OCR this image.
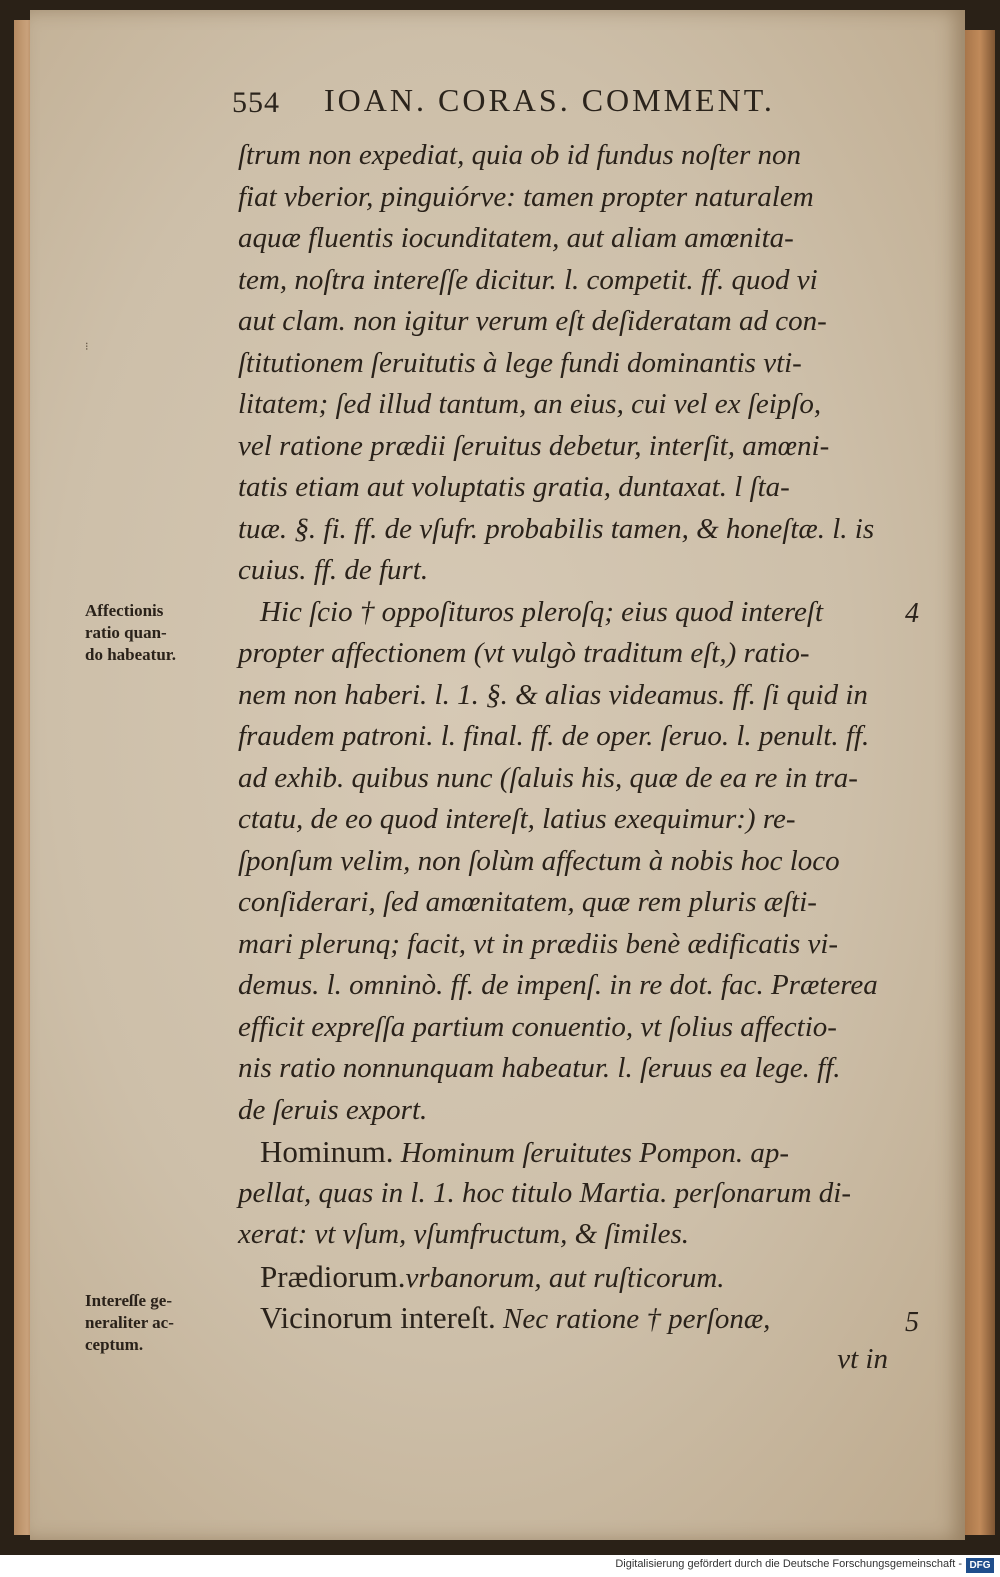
554 IOAN. CORAS. COMMENT.
⁝
ſtrum non expediat, quia ob id fundus noſter non
fiat vberior, pinguiórve: tamen propter naturalem
aquæ fluentis iocunditatem, aut aliam amœnita-
tem, noſtra intereſſe dicitur. l. competit. ff. quod vi
aut clam. non igitur verum eſt deſideratam ad con-
ſtitutionem ſeruitutis à lege fundi dominantis vti-
litatem; ſed illud tantum, an eius, cui vel ex ſeipſo,
vel ratione prædii ſeruitus debetur, interſit, amœni-
tatis etiam aut voluptatis gratia, duntaxat. l ſta-
tuæ. §. fi. ff. de vſufr. probabilis tamen, & honeſtæ. l. is
cuius. ff. de furt.
Hic ſcio † oppoſituros pleroſq; eius quod intereſt
propter affectionem (vt vulgò traditum eſt,) ratio-
nem non haberi. l. 1. §. & alias videamus. ff. ſi quid in
fraudem patroni. l. final. ff. de oper. ſeruo. l. penult. ff.
ad exhib. quibus nunc (ſaluis his, quæ de ea re in tra-
ctatu, de eo quod intereſt, latius exequimur:) re-
ſponſum velim, non ſolùm affectum à nobis hoc loco
conſiderari, ſed amœnitatem, quæ rem pluris æſti-
mari plerunq; facit, vt in prædiis benè ædificatis vi-
demus. l. omninò. ff. de impenſ. in re dot. fac. Præterea
efficit expreſſa partium conuentio, vt ſolius affectio-
nis ratio nonnunquam habeatur. l. ſeruus ea lege. ff.
de ſeruis export.
Hominum. Hominum ſeruitutes Pompon. ap-
pellat, quas in l. 1. hoc titulo Martia. perſonarum di-
xerat: vt vſum, vſumfructum, & ſimiles.
Prædiorum.vrbanorum, aut ruſticorum.
Vicinorum intereſt. Nec ratione † perſonæ,
vt in
Affectionis
ratio quan-
do habeatur.
Intereſſe ge-
neraliter ac-
ceptum.
4
5
Digitalisierung gefördert durch die Deutsche Forschungsgemeinschaft - DFG
